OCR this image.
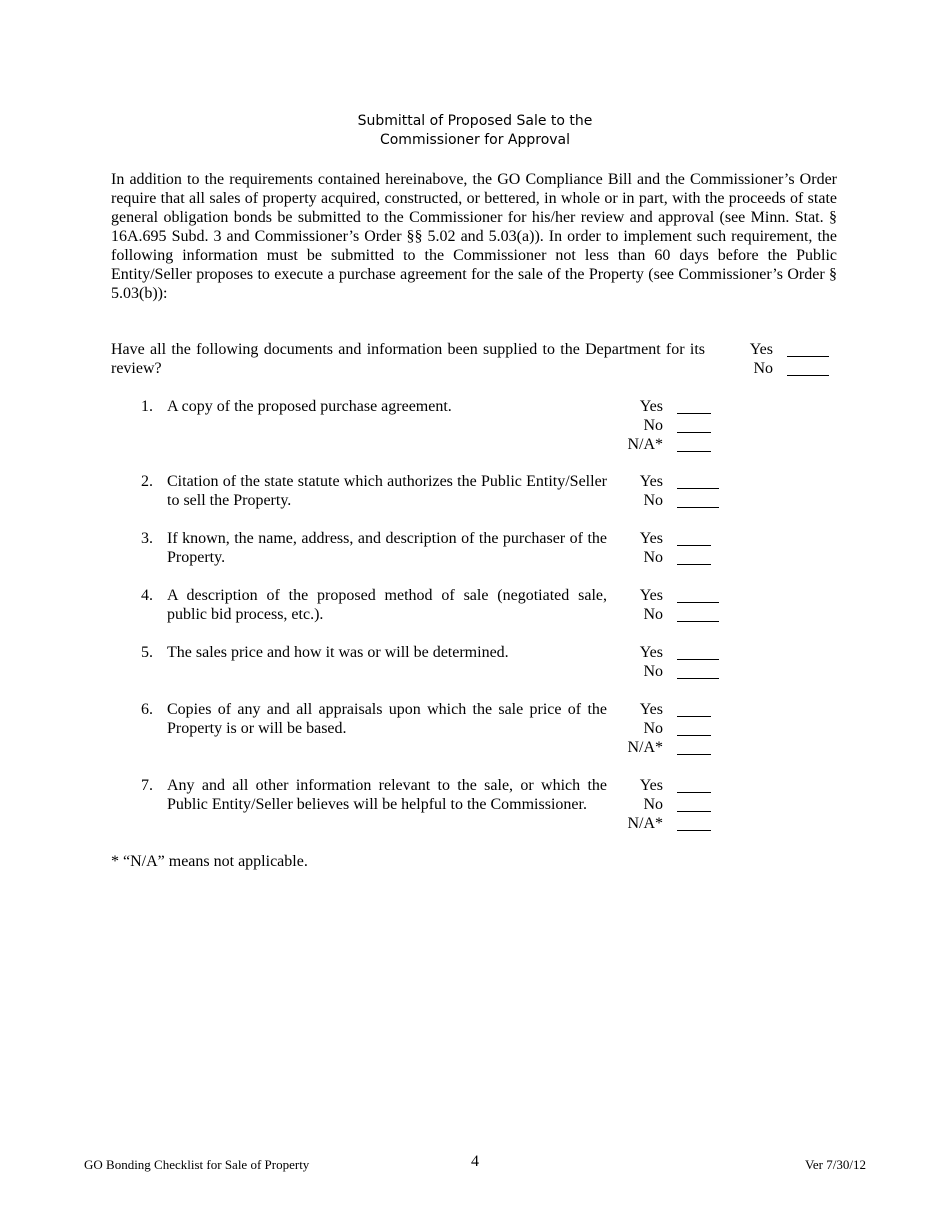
Submittal of Proposed Sale to the
Commissioner for Approval

In addition to the requirements contained hereinabove, the GO Compliance Bill and the Commissioner’s Order require that all sales of property acquired, constructed, or bettered, in whole or in part, with the proceeds of state general obligation bonds be submitted to the Commissioner for his/her review and approval (see Minn. Stat. § 16A.695 Subd. 3 and Commissioner’s Order §§ 5.02 and 5.03(a)). In order to implement such requirement, the following information must be submitted to the Commissioner not less than 60 days before the Public Entity/Seller proposes to execute a purchase agreement for the sale of the Property (see Commissioner’s Order § 5.03(b)):

Have all the following documents and information been supplied to the Department for its review?

Yes
No
1. A copy of the proposed purchase agreement.	Yes
No
N/A*
2. Citation of the state statute which authorizes the Public Entity/Seller to sell the Property.
Yes
No
3. If known, the name, address, and description of the purchaser of the Property.
Yes
No
4. A description of the proposed method of sale (negotiated sale, public bid process, etc.).
Yes
No
5. The sales price and how it was or will be determined.	Yes
No
6. Copies of any and all appraisals upon which the sale price of the Property is or will be based.
Yes
No
N/A*
7. Any and all other information relevant to the sale, or which the Public Entity/Seller believes will be helpful to the Commissioner.
Yes
No
N/A*
* “N/A” means not applicable.
GO Bonding Checklist for Sale of Property	4	Ver 7/30/12
